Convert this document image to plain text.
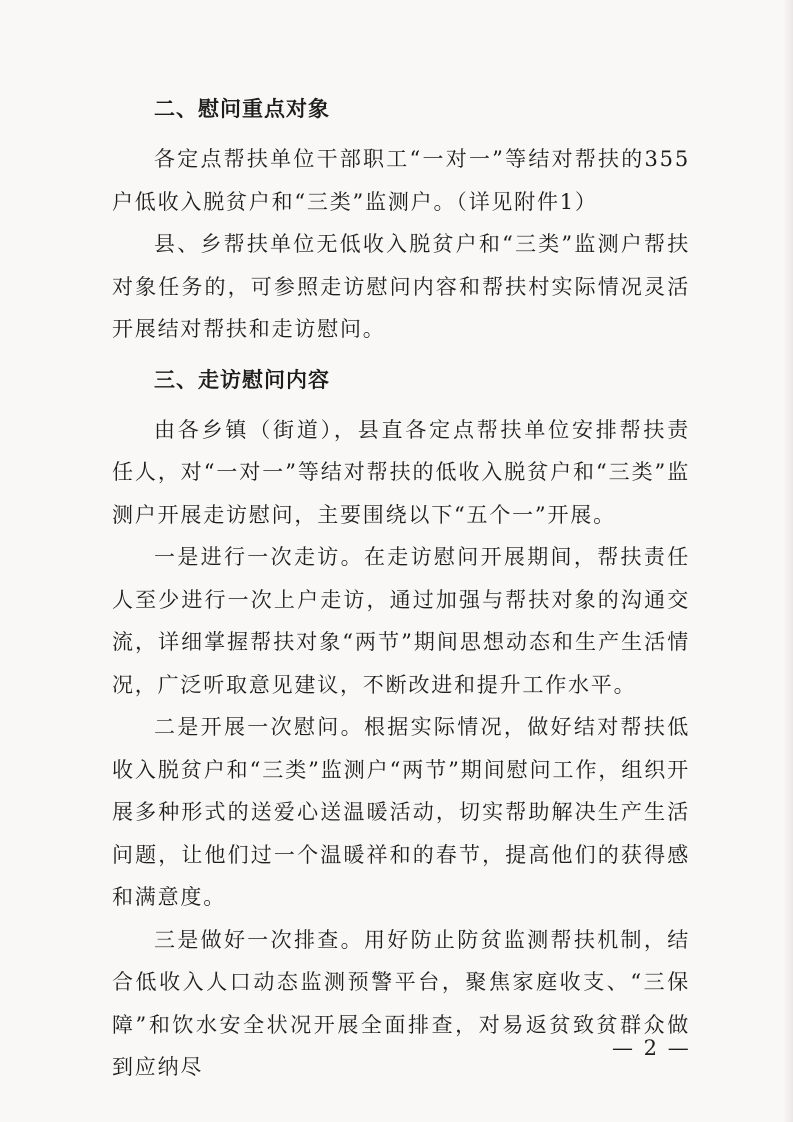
二、慰问重点对象

各定点帮扶单位干部职工“一对一”等结对帮扶的355户低收入脱贫户和“三类”监测户。（详见附件1）

县、乡帮扶单位无低收入脱贫户和“三类”监测户帮扶对象任务的，可参照走访慰问内容和帮扶村实际情况灵活开展结对帮扶和走访慰问。

三、走访慰问内容

由各乡镇（街道），县直各定点帮扶单位安排帮扶责任人，对“一对一”等结对帮扶的低收入脱贫户和“三类”监测户开展走访慰问，主要围绕以下“五个一”开展。

一是进行一次走访。在走访慰问开展期间，帮扶责任人至少进行一次上户走访，通过加强与帮扶对象的沟通交流，详细掌握帮扶对象“两节”期间思想动态和生产生活情况，广泛听取意见建议，不断改进和提升工作水平。

二是开展一次慰问。根据实际情况，做好结对帮扶低收入脱贫户和“三类”监测户“两节”期间慰问工作，组织开展多种形式的送爱心送温暖活动，切实帮助解决生产生活问题，让他们过一个温暖祥和的春节，提高他们的获得感和满意度。

三是做好一次排查。用好防止防贫监测帮扶机制，结合低收入人口动态监测预警平台，聚焦家庭收支、“三保障”和饮水安全状况开展全面排查，对易返贫致贫群众做到应纳尽

— 2 —
